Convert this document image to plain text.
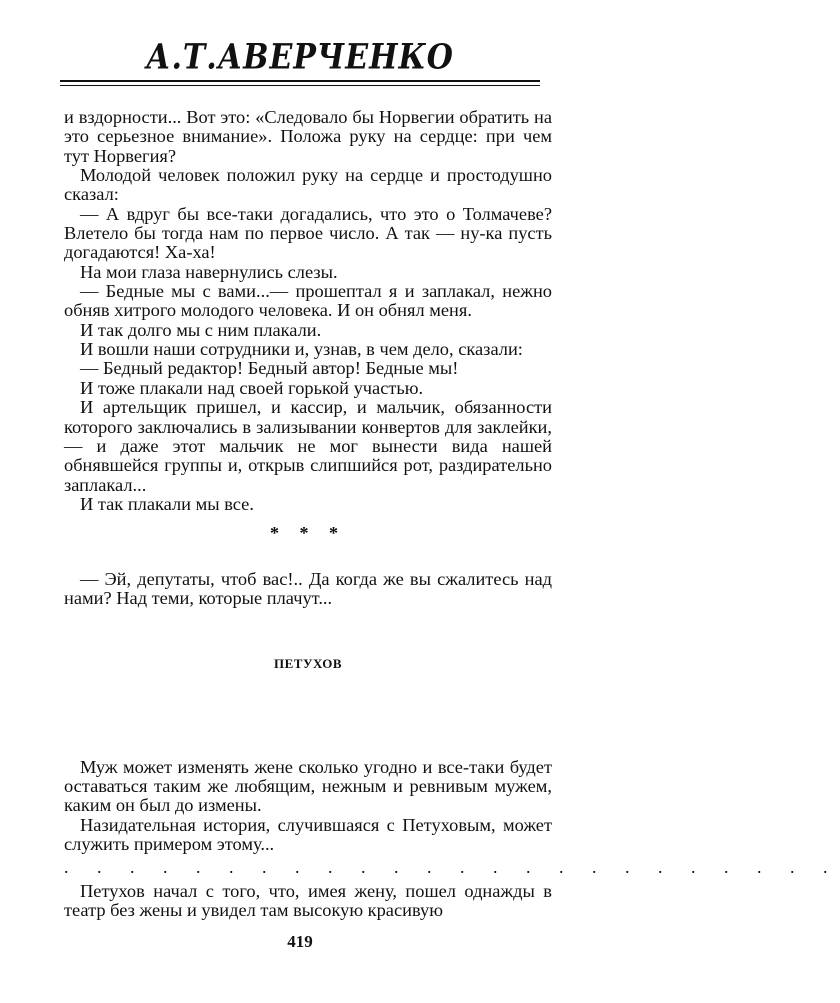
А.Т.АВЕРЧЕНКО

и вздорности... Вот это: «Следовало бы Норвегии обратить на это серьезное внимание». Положа руку на сердце: при чем тут Норвегия?

Молодой человек положил руку на сердце и простодушно сказал:

— А вдруг бы все-таки догадались, что это о Толмачеве? Влетело бы тогда нам по первое число. А так — ну-ка пусть догадаются! Ха-ха!

На мои глаза навернулись слезы.

— Бедные мы с вами...— прошептал я и заплакал, нежно обняв хитрого молодого человека. И он обнял меня.

И так долго мы с ним плакали.

И вошли наши сотрудники и, узнав, в чем дело, сказали:

— Бедный редактор! Бедный автор! Бедные мы!

И тоже плакали над своей горькой участью.

И артельщик пришел, и кассир, и мальчик, обязанности которого заключались в зализывании конвертов для заклейки,— и даже этот мальчик не мог вынести вида нашей обнявшейся группы и, открыв слипшийся рот, раздирательно заплакал...

И так плакали мы все.

* * *

— Эй, депутаты, чтоб вас!.. Да когда же вы сжалитесь над нами? Над теми, которые плачут...

ПЕТУХОВ

Муж может изменять жене сколько угодно и все-таки будет оставаться таким же любящим, нежным и ревнивым мужем, каким он был до измены.

Назидательная история, случившаяся с Петуховым, может служить примером этому...

. . . . . . . . . . . . . . . . . . . . . . . .

Петухов начал с того, что, имея жену, пошел однажды в театр без жены и увидел там высокую красивую

419
